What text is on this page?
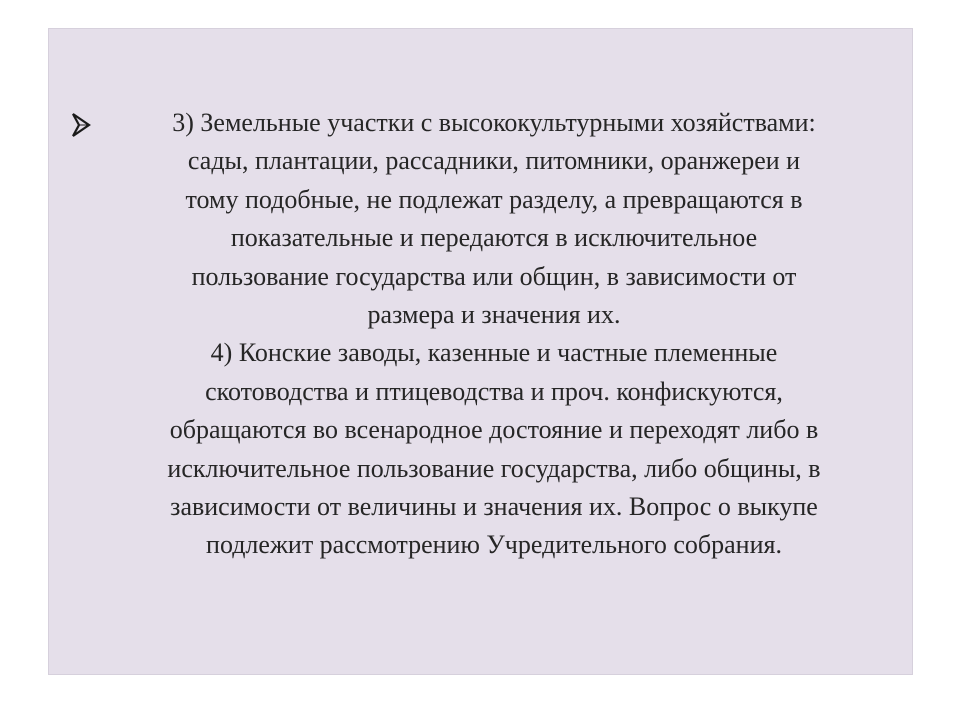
3) Земельные участки с высококультурными хозяйствами:
сады, плантации, рассадники, питомники, оранжереи и
тому подобные, не подлежат разделу, а превращаются в
показательные и передаются в исключительное
пользование государства или общин, в зависимости от
размера и значения их.
4) Конские заводы, казенные и частные племенные
скотоводства и птицеводства и проч. конфискуются,
обращаются во всенародное достояние и переходят либо в
исключительное пользование государства, либо общины, в
зависимости от величины и значения их. Вопрос о выкупе
подлежит рассмотрению Учредительного собрания.
